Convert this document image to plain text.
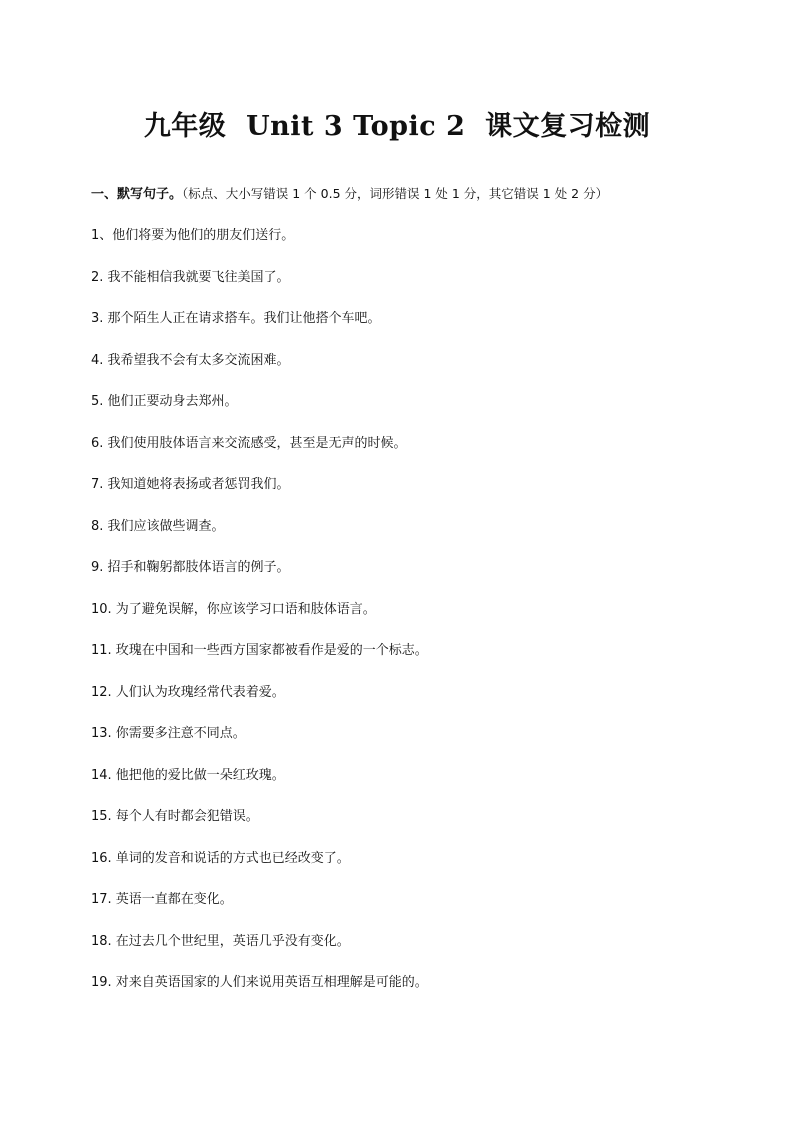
九年级  Unit 3 Topic 2  课文复习检测
一、默写句子。（标点、大小写错误 1 个 0.5 分，词形错误 1 处 1 分，其它错误 1 处 2 分）
1、他们将要为他们的朋友们送行。
2. 我不能相信我就要飞往美国了。
3. 那个陌生人正在请求搭车。我们让他搭个车吧。
4. 我希望我不会有太多交流困难。
5. 他们正要动身去郑州。
6. 我们使用肢体语言来交流感受，甚至是无声的时候。
7. 我知道她将表扬或者惩罚我们。
8. 我们应该做些调查。
9. 招手和鞠躬都肢体语言的例子。
10. 为了避免误解，你应该学习口语和肢体语言。
11. 玫瑰在中国和一些西方国家都被看作是爱的一个标志。
12. 人们认为玫瑰经常代表着爱。
13. 你需要多注意不同点。
14. 他把他的爱比做一朵红玫瑰。
15. 每个人有时都会犯错误。
16. 单词的发音和说话的方式也已经改变了。
17. 英语一直都在变化。
18. 在过去几个世纪里，英语几乎没有变化。
19. 对来自英语国家的人们来说用英语互相理解是可能的。
